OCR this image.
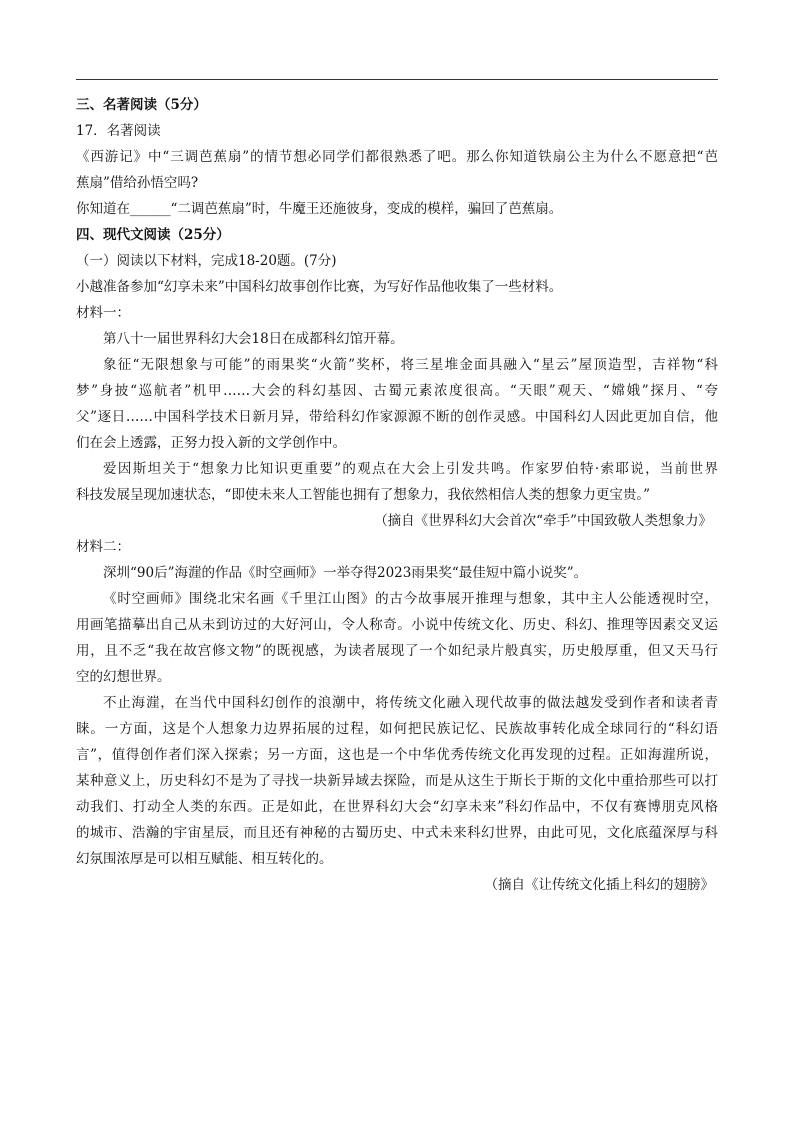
三、名著阅读（5分）
17．名著阅读
《西游记》中“三调芭蕉扇”的情节想必同学们都很熟悉了吧。那么你知道铁扇公主为什么不愿意把“芭
蕉扇”借给孙悟空吗?
你知道在______“二调芭蕉扇”时，牛魔王还施彼身，变成的模样，骗回了芭蕉扇。
四、现代文阅读（25分）
（一）阅读以下材料，完成18-20题。(7分)
小越准备参加“幻享未来”中国科幻故事创作比赛，为写好作品他收集了一些材料。
材料一：
第八十一届世界科幻大会18日在成都科幻馆开幕。
象征“无限想象与可能”的雨果奖“火箭”奖杯，将三星堆金面具融入“星云”屋顶造型，吉祥物“科
梦”身披“巡航者”机甲……大会的科幻基因、古蜀元素浓度很高。“天眼”观天、“嫦娥”探月、“夸
父”逐日……中国科学技术日新月异，带给科幻作家源源不断的创作灵感。中国科幻人因此更加自信，他
们在会上透露，正努力投入新的文学创作中。
爱因斯坦关于“想象力比知识更重要”的观点在大会上引发共鸣。作家罗伯特·索耶说，当前世界
科技发展呈现加速状态，“即使未来人工智能也拥有了想象力，我依然相信人类的想象力更宝贵。”
（摘自《世界科幻大会首次“牵手”中国致敬人类想象力》
材料二：
深圳“90后”海漄的作品《时空画师》一举夺得2023雨果奖“最佳短中篇小说奖”。
《时空画师》围绕北宋名画《千里江山图》的古今故事展开推理与想象，其中主人公能透视时空，
用画笔描摹出自己从未到访过的大好河山，令人称奇。小说中传统文化、历史、科幻、推理等因素交叉运
用，且不乏“我在故宫修文物”的既视感，为读者展现了一个如纪录片般真实，历史般厚重，但又天马行
空的幻想世界。
不止海漄，在当代中国科幻创作的浪潮中，将传统文化融入现代故事的做法越发受到作者和读者青
睐。一方面，这是个人想象力边界拓展的过程，如何把民族记忆、民族故事转化成全球同行的“科幻语
言”，值得创作者们深入探索；另一方面，这也是一个中华优秀传统文化再发现的过程。正如海漄所说，
某种意义上，历史科幻不是为了寻找一块新异域去探险，而是从这生于斯长于斯的文化中重拾那些可以打
动我们、打动全人类的东西。正是如此，在世界科幻大会“幻享未来”科幻作品中，不仅有赛博朋克风格
的城市、浩瀚的宇宙星辰，而且还有神秘的古蜀历史、中式未来科幻世界，由此可见，文化底蕴深厚与科
幻氛围浓厚是可以相互赋能、相互转化的。
（摘自《让传统文化插上科幻的翅膀》
